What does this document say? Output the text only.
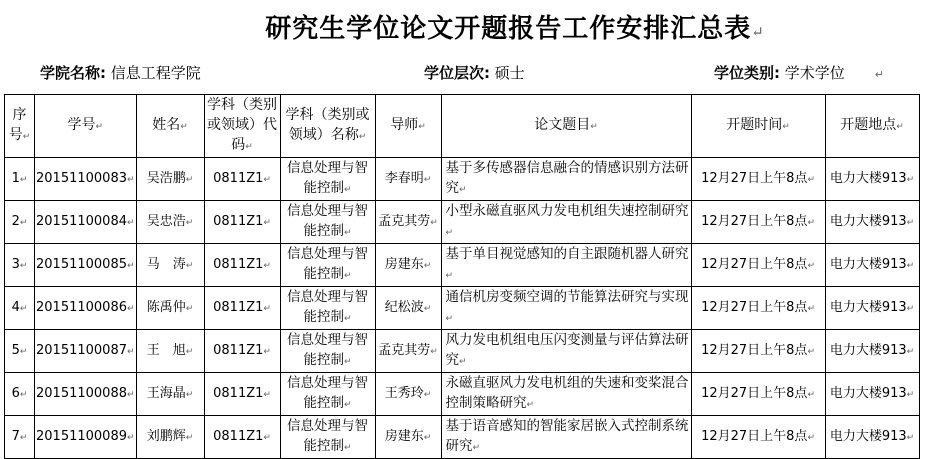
研究生学位论文开题报告工作安排汇总表↵
学院名称: 信息工程学院	学位层次: 硕士	学位类别: 学术学位	↵
序号↵	学号↵	姓名↵	学科（类别或领域）代码↵	学科（类别或领域）名称↵	导师↵	论文题目↵	开题时间↵	开题地点↵
1↵	20151100083↵	吴浩鹏↵	0811Z1↵	信息处理与智能控制↵	李春明↵	基于多传感器信息融合的情感识别方法研究↵	12月27日上午8点↵	电力大楼913↵
2↵	20151100084↵	吴忠浩↵	0811Z1↵	信息处理与智能控制↵	孟克其劳↵	小型永磁直驱风力发电机组失速控制研究↵	12月27日上午8点↵	电力大楼913↵
3↵	20151100085↵	马　涛↵	0811Z1↵	信息处理与智能控制↵	房建东↵	基于单目视觉感知的自主跟随机器人研究↵	12月27日上午8点↵	电力大楼913↵
4↵	20151100086↵	陈禹仲↵	0811Z1↵	信息处理与智能控制↵	纪松波↵	通信机房变频空调的节能算法研究与实现↵	12月27日上午8点↵	电力大楼913↵
5↵	20151100087↵	王　旭↵	0811Z1↵	信息处理与智能控制↵	孟克其劳↵	风力发电机组电压闪变测量与评估算法研究↵	12月27日上午8点↵	电力大楼913↵
6↵	20151100088↵	王海晶↵	0811Z1↵	信息处理与智能控制↵	王秀玲↵	永磁直驱风力发电机组的失速和变桨混合控制策略研究↵	12月27日上午8点↵	电力大楼913↵
7↵	20151100089↵	刘鹏辉↵	0811Z1↵	信息处理与智能控制↵	房建东↵	基于语音感知的智能家居嵌入式控制系统研究↵	12月27日上午8点↵	电力大楼913↵
